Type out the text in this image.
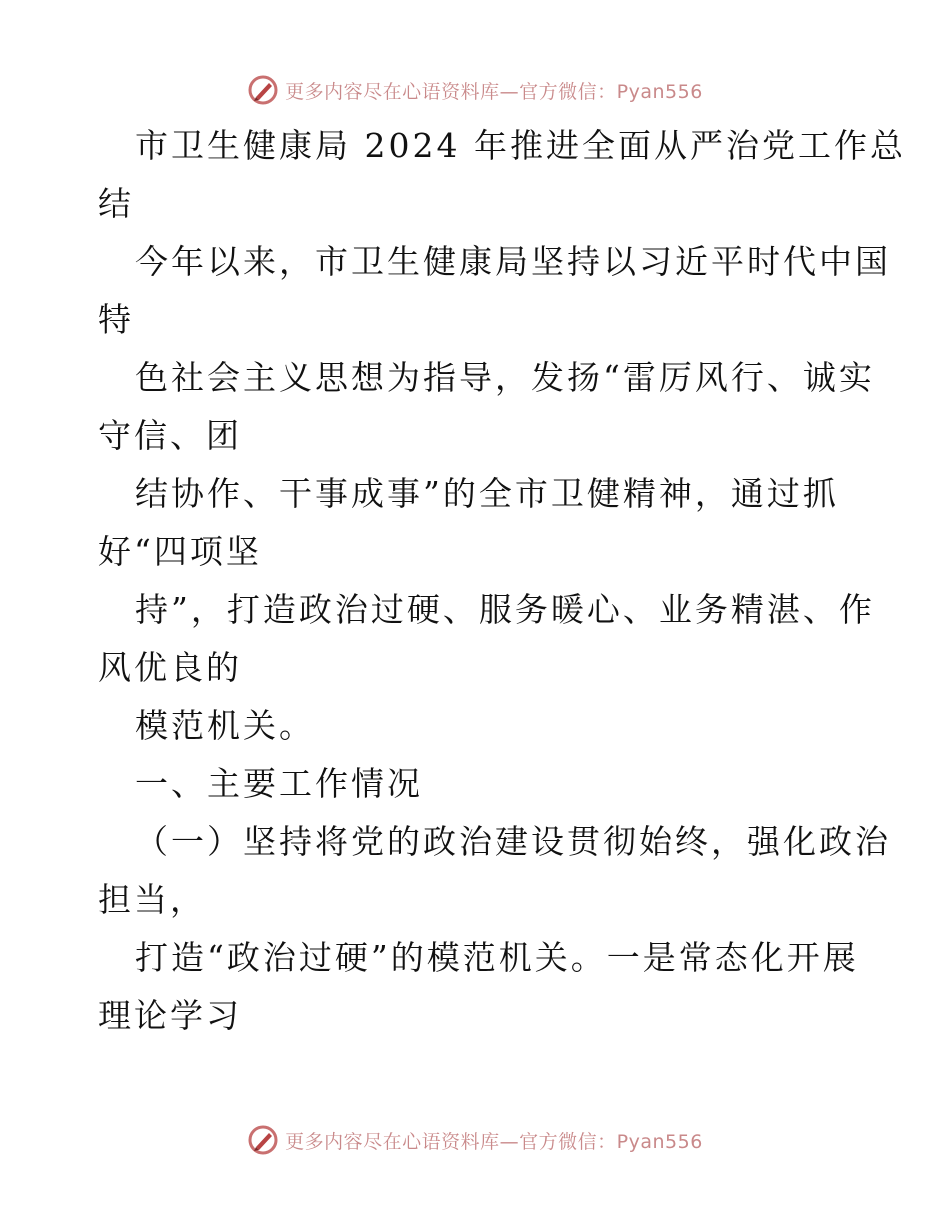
更多内容尽在心语资料库—官方微信：Pyan556
市卫生健康局 2024 年推进全面从严治党工作总
结
今年以来，市卫生健康局坚持以习近平时代中国
特
色社会主义思想为指导，发扬“雷厉风行、诚实
守信、团
结协作、干事成事”的全市卫健精神，通过抓
好“四项坚
持”，打造政治过硬、服务暖心、业务精湛、作
风优良的
模范机关。
一、主要工作情况
（一）坚持将党的政治建设贯彻始终，强化政治
担当，
打造“政治过硬”的模范机关。一是常态化开展
理论学习
更多内容尽在心语资料库—官方微信：Pyan556
